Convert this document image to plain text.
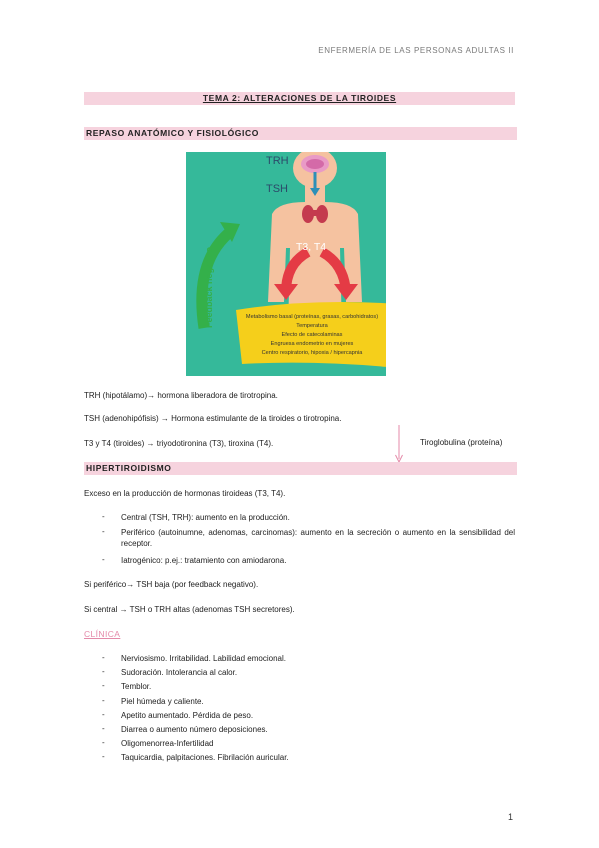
ENFERMERÍA DE LAS PERSONAS ADULTAS II
TEMA 2: ALTERACIONES DE LA TIROIDES
REPASO ANATÓMICO Y FISIOLÓGICO
TRH
TSH
T3, T4
Feedback negativo	Metabolismo basal (proteínas, grasas, carbohidratos)
Temperatura
Efecto de catecolaminas
Engruesa endometrio en mujeres
Centro respiratorio, hipoxia / hipercapnia
TRH (hipotálamo)→ hormona liberadora de tirotropina.
TSH (adenohipófisis) → Hormona estimulante de la tiroides o tirotropina.
T3 y T4 (tiroides) → triyodotironina (T3), tiroxina (T4).	Tiroglobulina (proteína)
HIPERTIROIDISMO
Exceso en la producción de hormonas tiroideas (T3, T4).
- Central (TSH, TRH): aumento en la producción.
- Periférico (autoinumne, adenomas, carcinomas): aumento en la secreción o aumento en la sensibilidad del receptor.
- Iatrogénico: p.ej.: tratamiento con amiodarona.
Si periférico→ TSH baja (por feedback negativo).
Si central → TSH o TRH altas (adenomas TSH secretores).
CLÍNICA
- Nerviosismo. Irritabilidad. Labilidad emocional.
- Sudoración. Intolerancia al calor.
- Temblor.
- Piel húmeda y caliente.
- Apetito aumentado. Pérdida de peso.
- Diarrea o aumento número deposiciones.
- Oligomenorrea-Infertilidad
- Taquicardia, palpitaciones. Fibrilación auricular.
1
